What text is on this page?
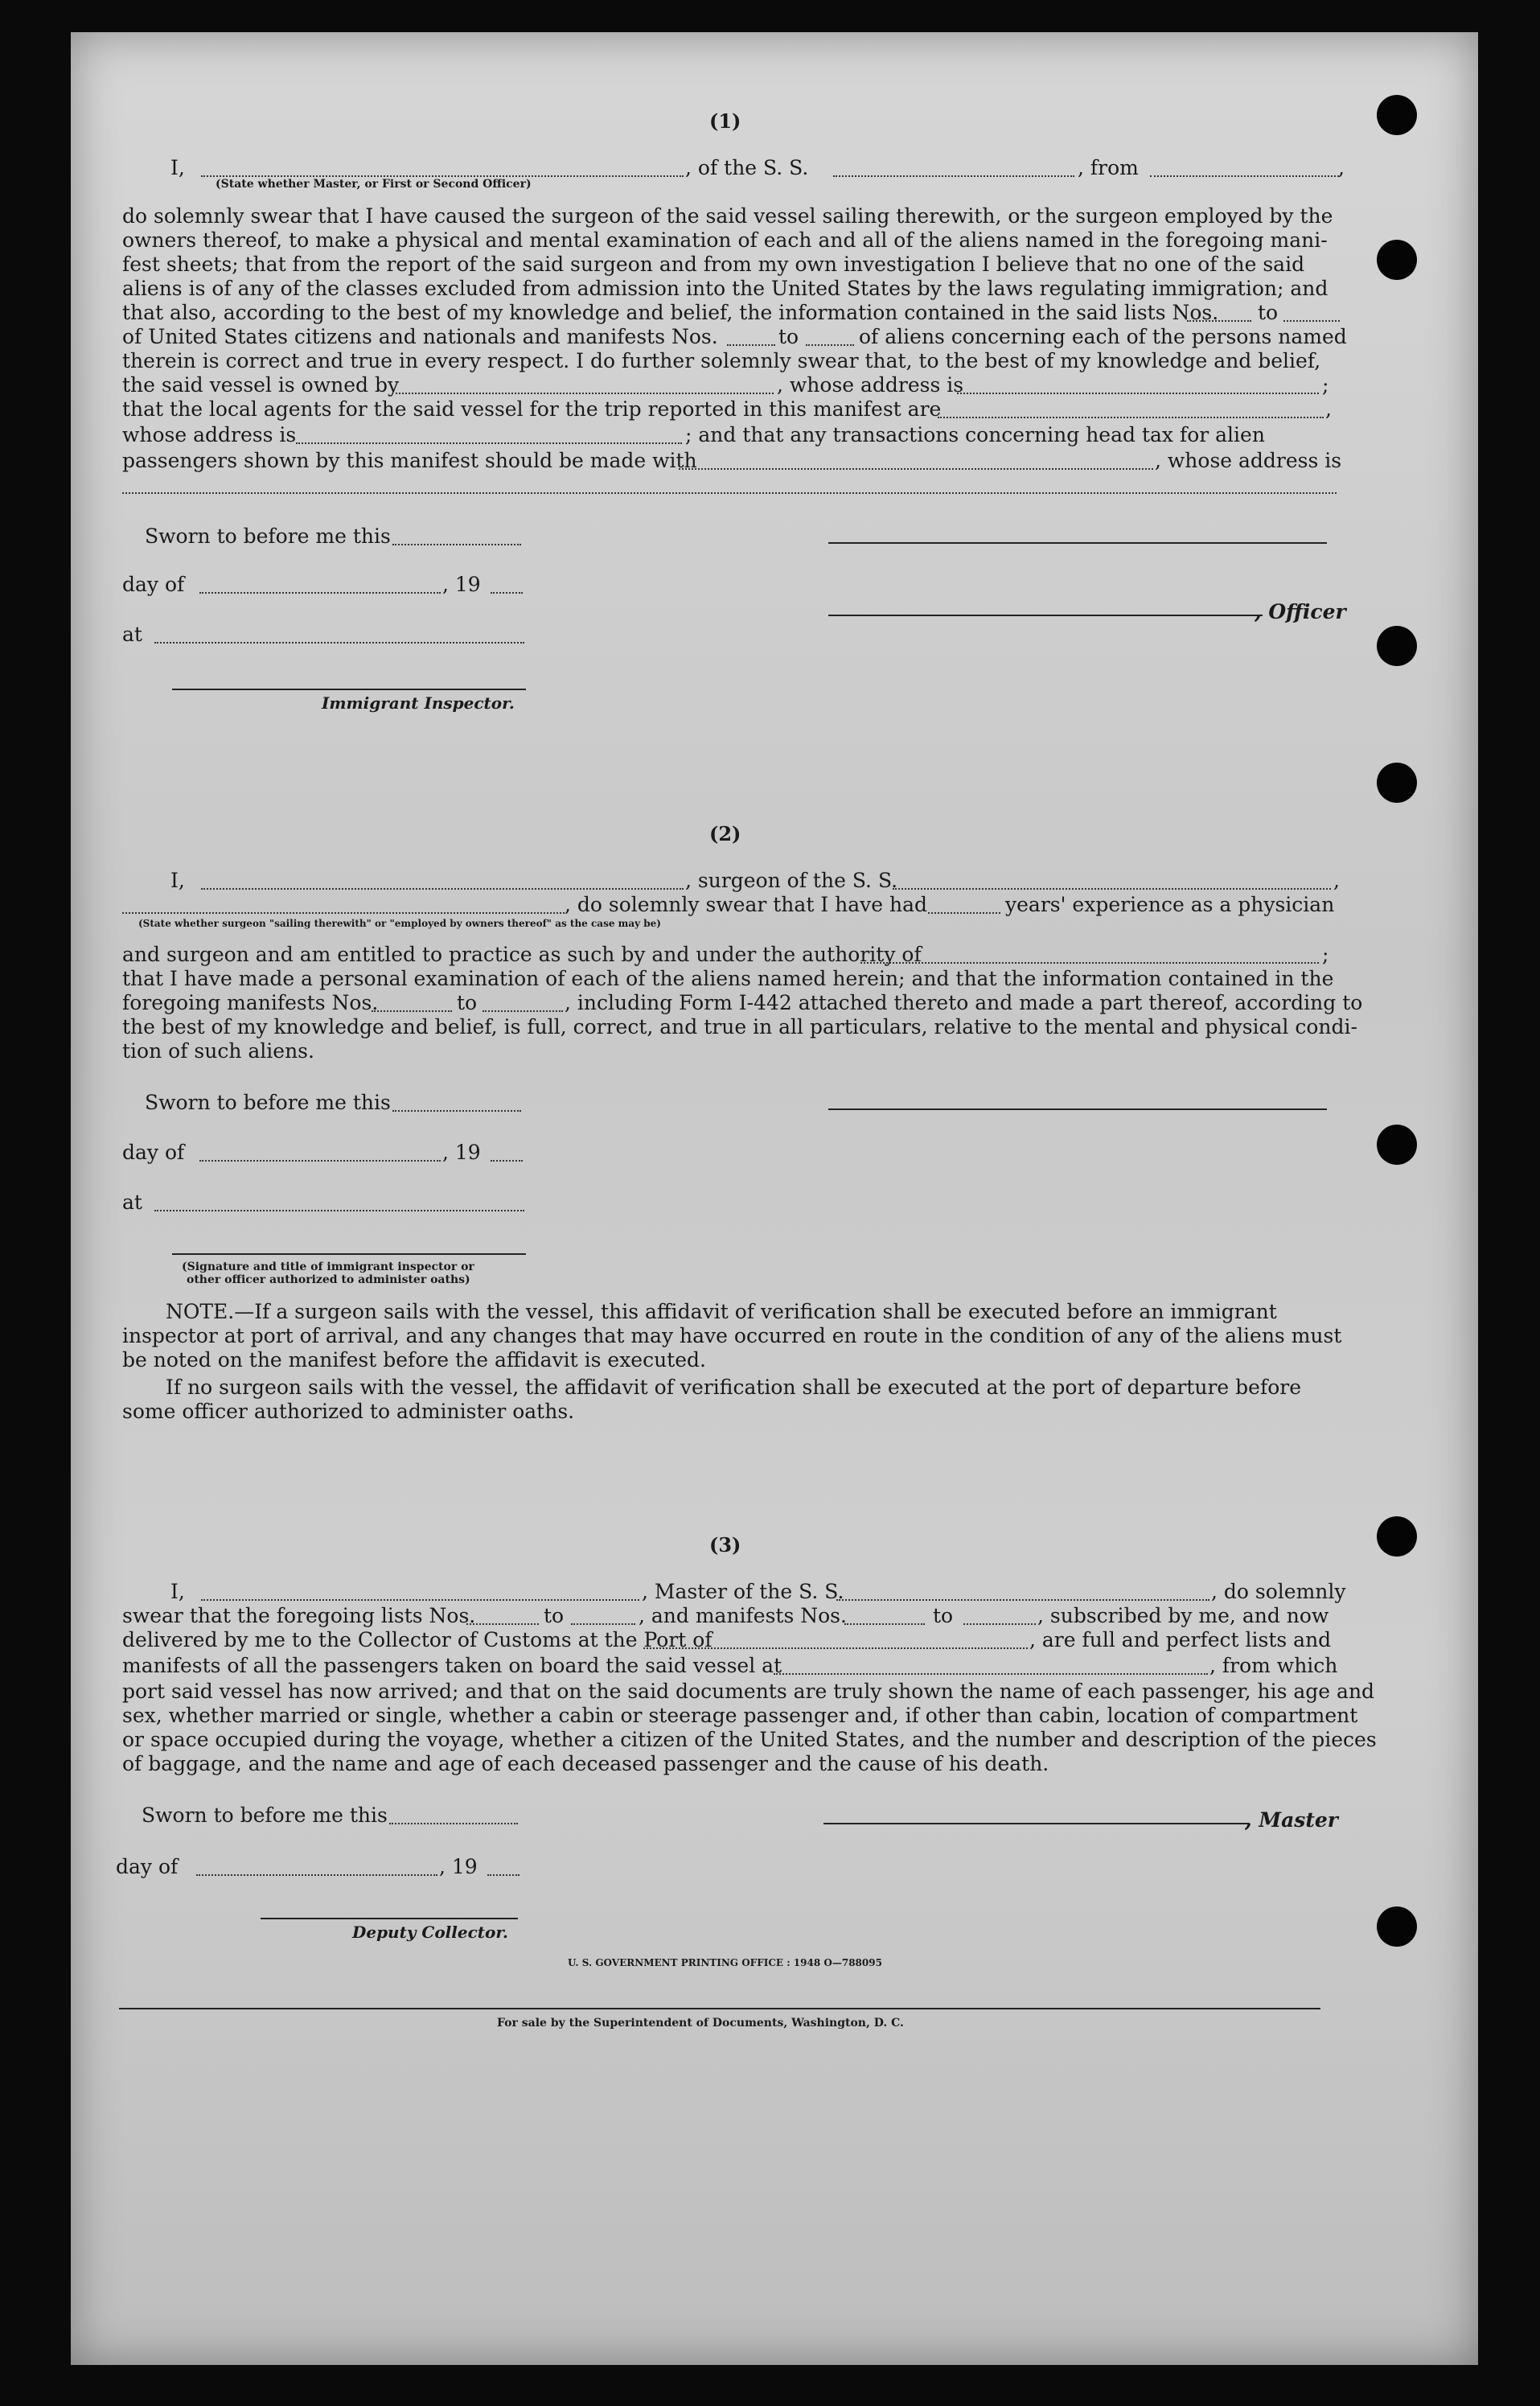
(1)
I,	, of the S. S.	, from	,
(State whether Master, or First or Second Officer)
do solemnly swear that I have caused the surgeon of the said vessel sailing therewith, or the surgeon employed by the
owners thereof, to make a physical and mental examination of each and all of the aliens named in the foregoing mani-
fest sheets; that from the report of the said surgeon and from my own investigation I believe that no one of the said
aliens is of any of the classes excluded from admission into the United States by the laws regulating immigration; and
that also, according to the best of my knowledge and belief, the information contained in the said lists Nos. to
of United States citizens and nationals and manifests Nos.	to	of aliens concerning each of the persons named
therein is correct and true in every respect. I do further solemnly swear that, to the best of my knowledge and belief,
the said vessel is owned by	, whose address is	;
that the local agents for the said vessel for the trip reported in this manifest are	,
whose address is	; and that any transactions concerning head tax for alien
passengers shown by this manifest should be made with	, whose address is
Sworn to before me this
day of	, 19
, Officer
at
Immigrant Inspector.
(2)
I,	, surgeon of the S. S.	,
, do solemnly swear that I have had	years' experience as a physician
(State whether surgeon "sailing therewith" or "employed by owners thereof" as the case may be)
and surgeon and am entitled to practice as such by and under the authority of	;
that I have made a personal examination of each of the aliens named herein; and that the information contained in the
foregoing manifests Nos.	to	, including Form I-442 attached thereto and made a part thereof, according to
the best of my knowledge and belief, is full, correct, and true in all particulars, relative to the mental and physical condi-
tion of such aliens.
Sworn to before me this
day of	, 19
at
(Signature and title of immigrant inspector or
other officer authorized to administer oaths)
NOTE.—If a surgeon sails with the vessel, this affidavit of verification shall be executed before an immigrant
inspector at port of arrival, and any changes that may have occurred en route in the condition of any of the aliens must
be noted on the manifest before the affidavit is executed.
If no surgeon sails with the vessel, the affidavit of verification shall be executed at the port of departure before
some officer authorized to administer oaths.
(3)
I,	, Master of the S. S.	, do solemnly
swear that the foregoing lists Nos.	to	, and manifests Nos.	to	, subscribed by me, and now
delivered by me to the Collector of Customs at the Port of	, are full and perfect lists and
manifests of all the passengers taken on board the said vessel at	, from which
port said vessel has now arrived; and that on the said documents are truly shown the name of each passenger, his age and
sex, whether married or single, whether a cabin or steerage passenger and, if other than cabin, location of compartment
or space occupied during the voyage, whether a citizen of the United States, and the number and description of the pieces
of baggage, and the name and age of each deceased passenger and the cause of his death.
Sworn to before me this	, Master
day of	, 19
Deputy Collector.
U. S. GOVERNMENT PRINTING OFFICE : 1948 O—788095
For sale by the Superintendent of Documents, Washington, D. C.
